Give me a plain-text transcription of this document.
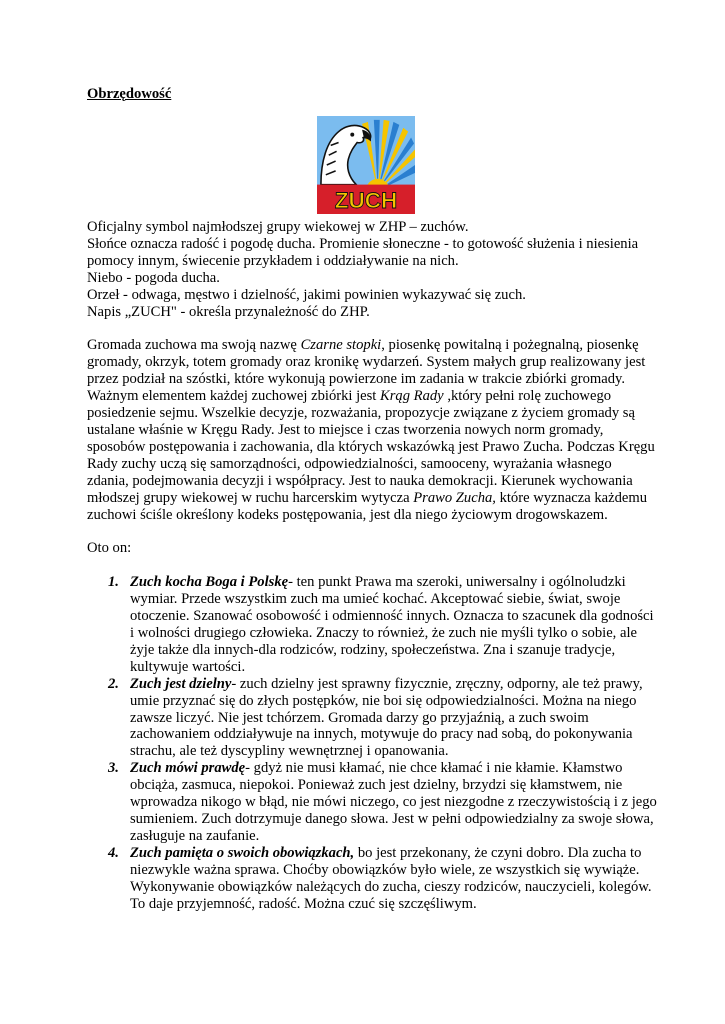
Obrzędowość

ZUCH

Oficjalny symbol najmłodszej grupy wiekowej w ZHP – zuchów.

Słońce oznacza radość i pogodę ducha. Promienie słoneczne - to gotowość służenia i niesienia pomocy innym, świecenie przykładem i oddziaływanie na nich.

Niebo - pogoda ducha.

Orzeł - odwaga, męstwo i dzielność, jakimi powinien wykazywać się zuch.

Napis „ZUCH" - określa przynależność do ZHP.

Gromada zuchowa ma swoją nazwę Czarne stopki, piosenkę powitalną i pożegnalną, piosenkę gromady, okrzyk, totem gromady oraz kronikę wydarzeń. System małych grup realizowany jest przez podział na szóstki, które wykonują powierzone im zadania w trakcie zbiórki gromady. Ważnym elementem każdej zuchowej zbiórki jest Krąg Rady ,który pełni rolę zuchowego posiedzenie sejmu. Wszelkie decyzje, rozważania, propozycje związane z życiem gromady są ustalane właśnie w Kręgu Rady. Jest to miejsce i czas tworzenia nowych norm gromady, sposobów postępowania i zachowania, dla których wskazówką jest Prawo Zucha. Podczas Kręgu Rady zuchy uczą się samorządności, odpowiedzialności, samooceny, wyrażania własnego zdania, podejmowania decyzji i współpracy. Jest to nauka demokracji. Kierunek wychowania młodszej grupy wiekowej w ruchu harcerskim wytycza Prawo Zucha, które wyznacza każdemu zuchowi ściśle określony kodeks postępowania, jest dla niego życiowym drogowskazem.

Oto on:

Zuch kocha Boga i Polskę- ten punkt Prawa ma szeroki, uniwersalny i ogólnoludzki wymiar. Przede wszystkim zuch ma umieć kochać. Akceptować siebie, świat, swoje otoczenie. Szanować osobowość i odmienność innych. Oznacza to szacunek dla godności i wolności drugiego człowieka. Znaczy to również, że zuch nie myśli tylko o sobie, ale żyje także dla innych-dla rodziców, rodziny, społeczeństwa. Zna i szanuje tradycje, kultywuje wartości.
Zuch jest dzielny- zuch dzielny jest sprawny fizycznie, zręczny, odporny, ale też prawy, umie przyznać się do złych postępków, nie boi się odpowiedzialności. Można na niego zawsze liczyć. Nie jest tchórzem. Gromada darzy go przyjaźnią, a zuch swoim zachowaniem oddziaływuje na innych, motywuje do pracy nad sobą, do pokonywania strachu, ale też dyscypliny wewnętrznej i opanowania.
Zuch mówi prawdę- gdyż nie musi kłamać, nie chce kłamać i nie kłamie. Kłamstwo obciąża, zasmuca, niepokoi. Ponieważ zuch jest dzielny, brzydzi się kłamstwem, nie wprowadza nikogo w błąd, nie mówi niczego, co jest niezgodne z rzeczywistością i z jego sumieniem. Zuch dotrzymuje danego słowa. Jest w pełni odpowiedzialny za swoje słowa, zasługuje na zaufanie.
Zuch pamięta o swoich obowiązkach, bo jest przekonany, że czyni dobro. Dla zucha to niezwykle ważna sprawa. Choćby obowiązków było wiele, ze wszystkich się wywiąże. Wykonywanie obowiązków należących do zucha, cieszy rodziców, nauczycieli, kolegów. To daje przyjemność, radość. Można czuć się szczęśliwym.
